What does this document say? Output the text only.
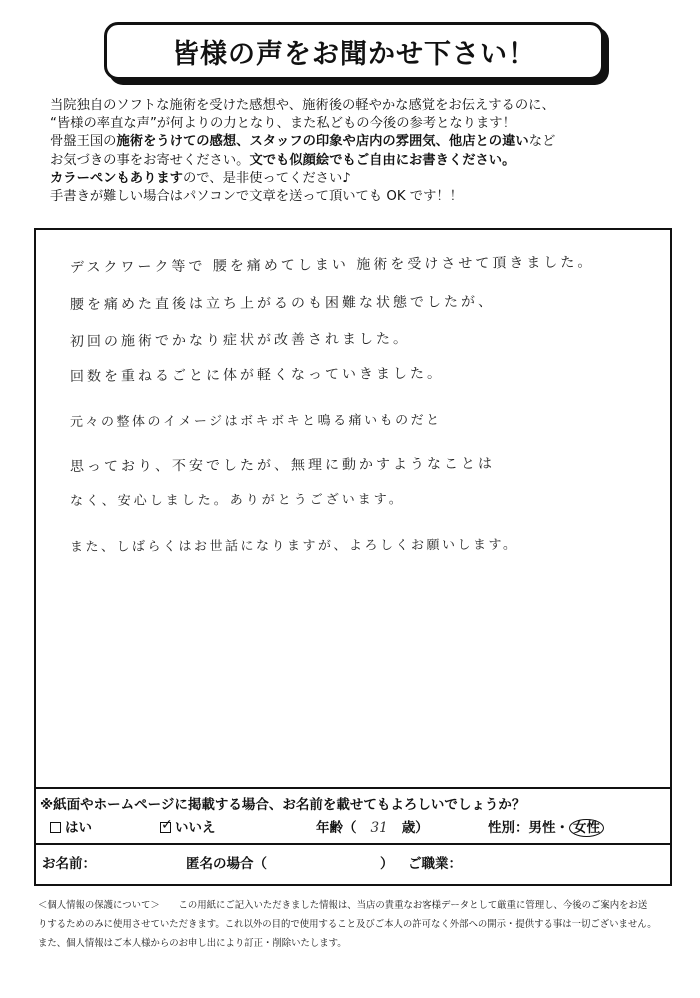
皆様の声をお聞かせ下さい！
当院独自のソフトな施術を受けた感想や、施術後の軽やかな感覚をお伝えするのに、
“皆様の率直な声”が何よりの力となり、また私どもの今後の参考となります！
骨盤王国の施術をうけての感想、スタッフの印象や店内の雰囲気、他店との違いなど
お気づきの事をお寄せください。文でも似顔絵でもご自由にお書きください。
カラーペンもありますので、是非使ってください♪
手書きが難しい場合はパソコンで文章を送って頂いても OK です！！
デスクワーク等で 腰を痛めてしまい 施術を受けさせて頂きました。
腰を痛めた直後は立ち上がるのも困難な状態でしたが、
初回の施術でかなり症状が改善されました。
回数を重ねるごとに体が軽くなっていきました。
元々の整体のイメージはボキボキと鳴る痛いものだと
思っており、不安でしたが、無理に動かすようなことは
なく、安心しました。ありがとうございます。
また、しばらくはお世話になりますが、よろしくお願いします。
※紙面やホームページに掲載する場合、お名前を載せてもよろしいでしょうか？
はい
✓	いいえ	年齢（ 31 歳）	性別：男性・ 女性
お名前：	匿名の場合（	） ご職業：
＜個人情報の保護について＞　　この用紙にご記入いただきました情報は、当店の貴重なお客様データとして厳重に管理し、今後のご案内をお送
りするためのみに使用させていただきます。これ以外の目的で使用すること及びご本人の許可なく外部への開示・提供する事は一切ございません。
また、個人情報はご本人様からのお申し出により訂正・削除いたします。
